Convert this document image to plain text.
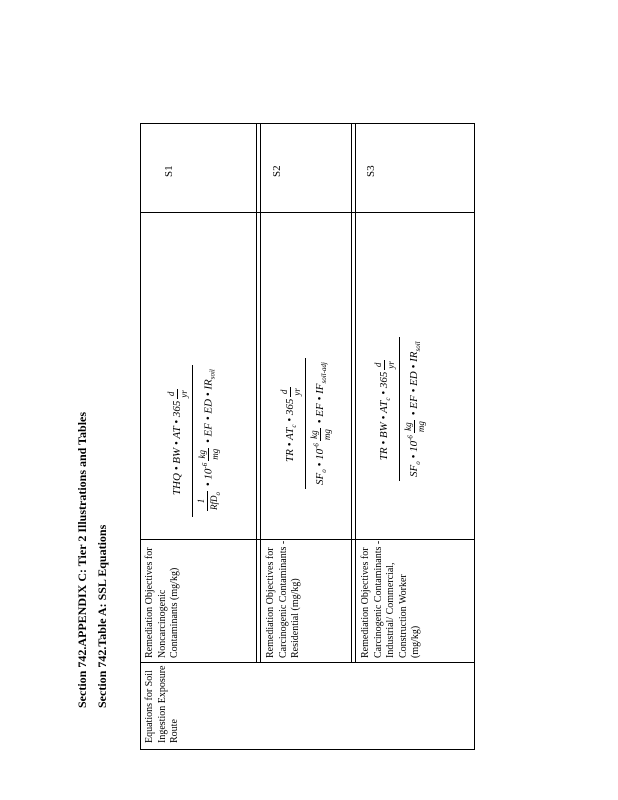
Section 742.APPENDIX C: Tier 2 Illustrations and Tables Section 742.Table A: SSL Equations	Equations for Soil Ingestion Exposure Route
Remediation Objectives for Noncarcinogenic Contaminants (mg/kg)
THQ • BW • AT • 365
d yr
1 RfD$_o$
• $10^{-6}$
kg mg
• EF • ED • $IR_{soil}$
S1
Remediation Objectives for Carcinogenic Contaminants - Residential (mg/kg)
TR • $AT_c$ • 365
d yr
$SF_o$ • $10^{-6}$
kg mg
• EF • $IF_{soil-adj}$
S2
Remediation Objectives for Carcinogenic Contaminants - Industrial/ Commercial, Construction Worker (mg/kg)
TR • BW • $AT_c$ • 365
d yr
$SF_o$ • $10^{-6}$
kg mg
• EF • ED • $IR_{soil}$
S3
